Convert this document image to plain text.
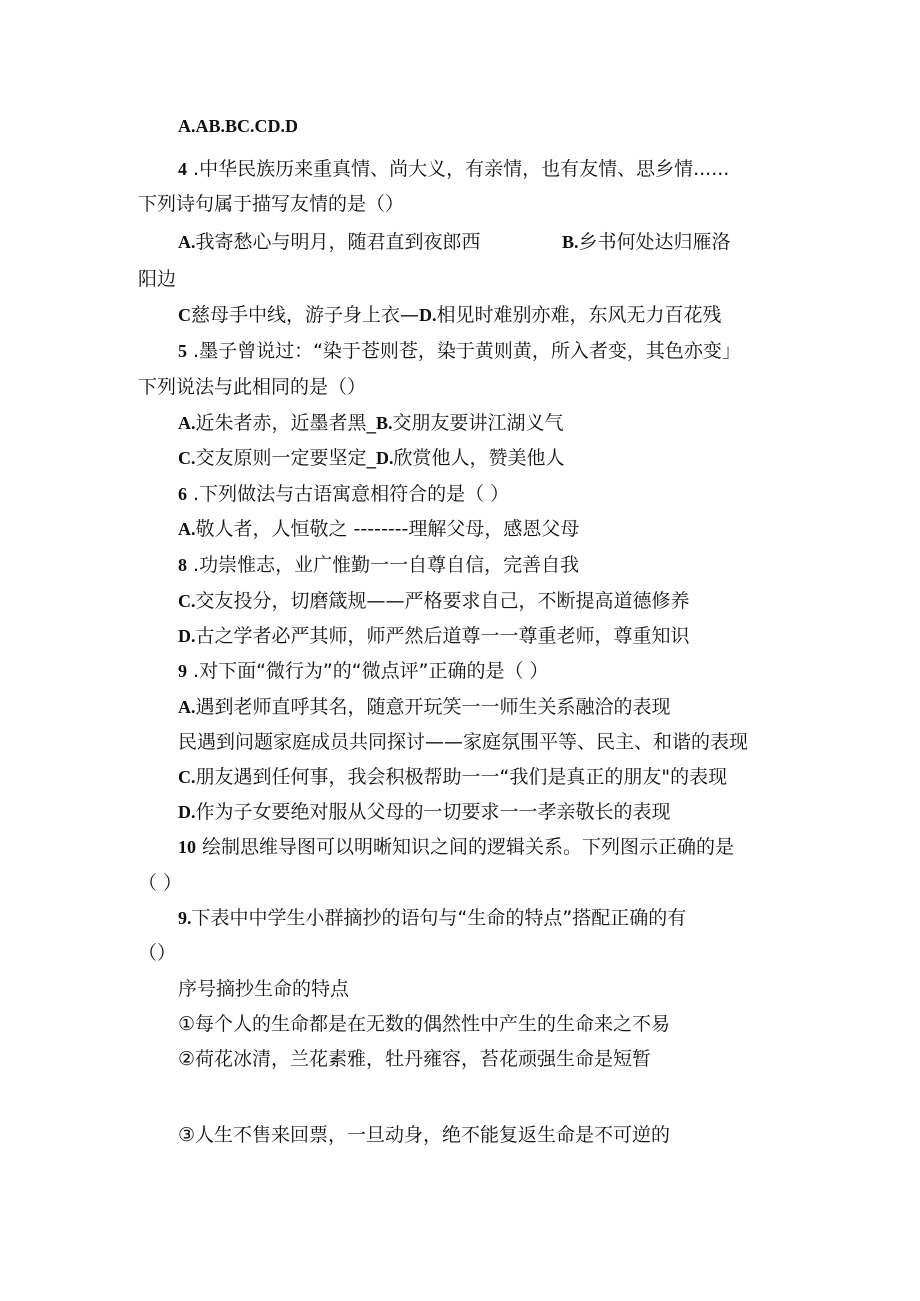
A.AB.BC.CD.D
4 .中华民族历来重真情、尚大义，有亲情，也有友情、思乡情......
下列诗句属于描写友情的是（）
A.我寄愁心与明月，随君直到夜郎西	B.乡书何处达归雁洛
阳边
C慈母手中线，游子身上衣—D.相见时难别亦难，东风无力百花残
5 .墨子曾说过：“染于苍则苍，染于黄则黄，所入者变，其色亦变」
下列说法与此相同的是（）
A.近朱者赤，近墨者黑_B.交朋友要讲江湖义气
C.交友原则一定要坚定_D.欣赏他人，赞美他人
6 .下列做法与古语寓意相符合的是（ ）
A.敬人者，人恒敬之 --------理解父母，感恩父母
8 .功崇惟志，业广惟勤一一自尊自信，完善自我
C.交友投分，切磨箴规——严格要求自己，不断提高道德修养
D.古之学者必严其师，师严然后道尊一一尊重老师，尊重知识
9 .对下面“微行为”的“微点评”正确的是（ ）
A.遇到老师直呼其名，随意开玩笑一一师生关系融洽的表现
民遇到问题家庭成员共同探讨——家庭氛围平等、民主、和谐的表现
C.朋友遇到任何事，我会积极帮助一一“我们是真正的朋友"的表现
D.作为子女要绝对服从父母的一切要求一一孝亲敬长的表现
10 绘制思维导图可以明晰知识之间的逻辑关系。下列图示正确的是
（ ）
9.下表中中学生小群摘抄的语句与“生命的特点”搭配正确的有
（）
序号摘抄生命的特点
①每个人的生命都是在无数的偶然性中产生的生命来之不易
②荷花冰清，兰花素雅，牡丹雍容，苔花顽强生命是短暂
③人生不售来回票，一旦动身，绝不能复返生命是不可逆的
